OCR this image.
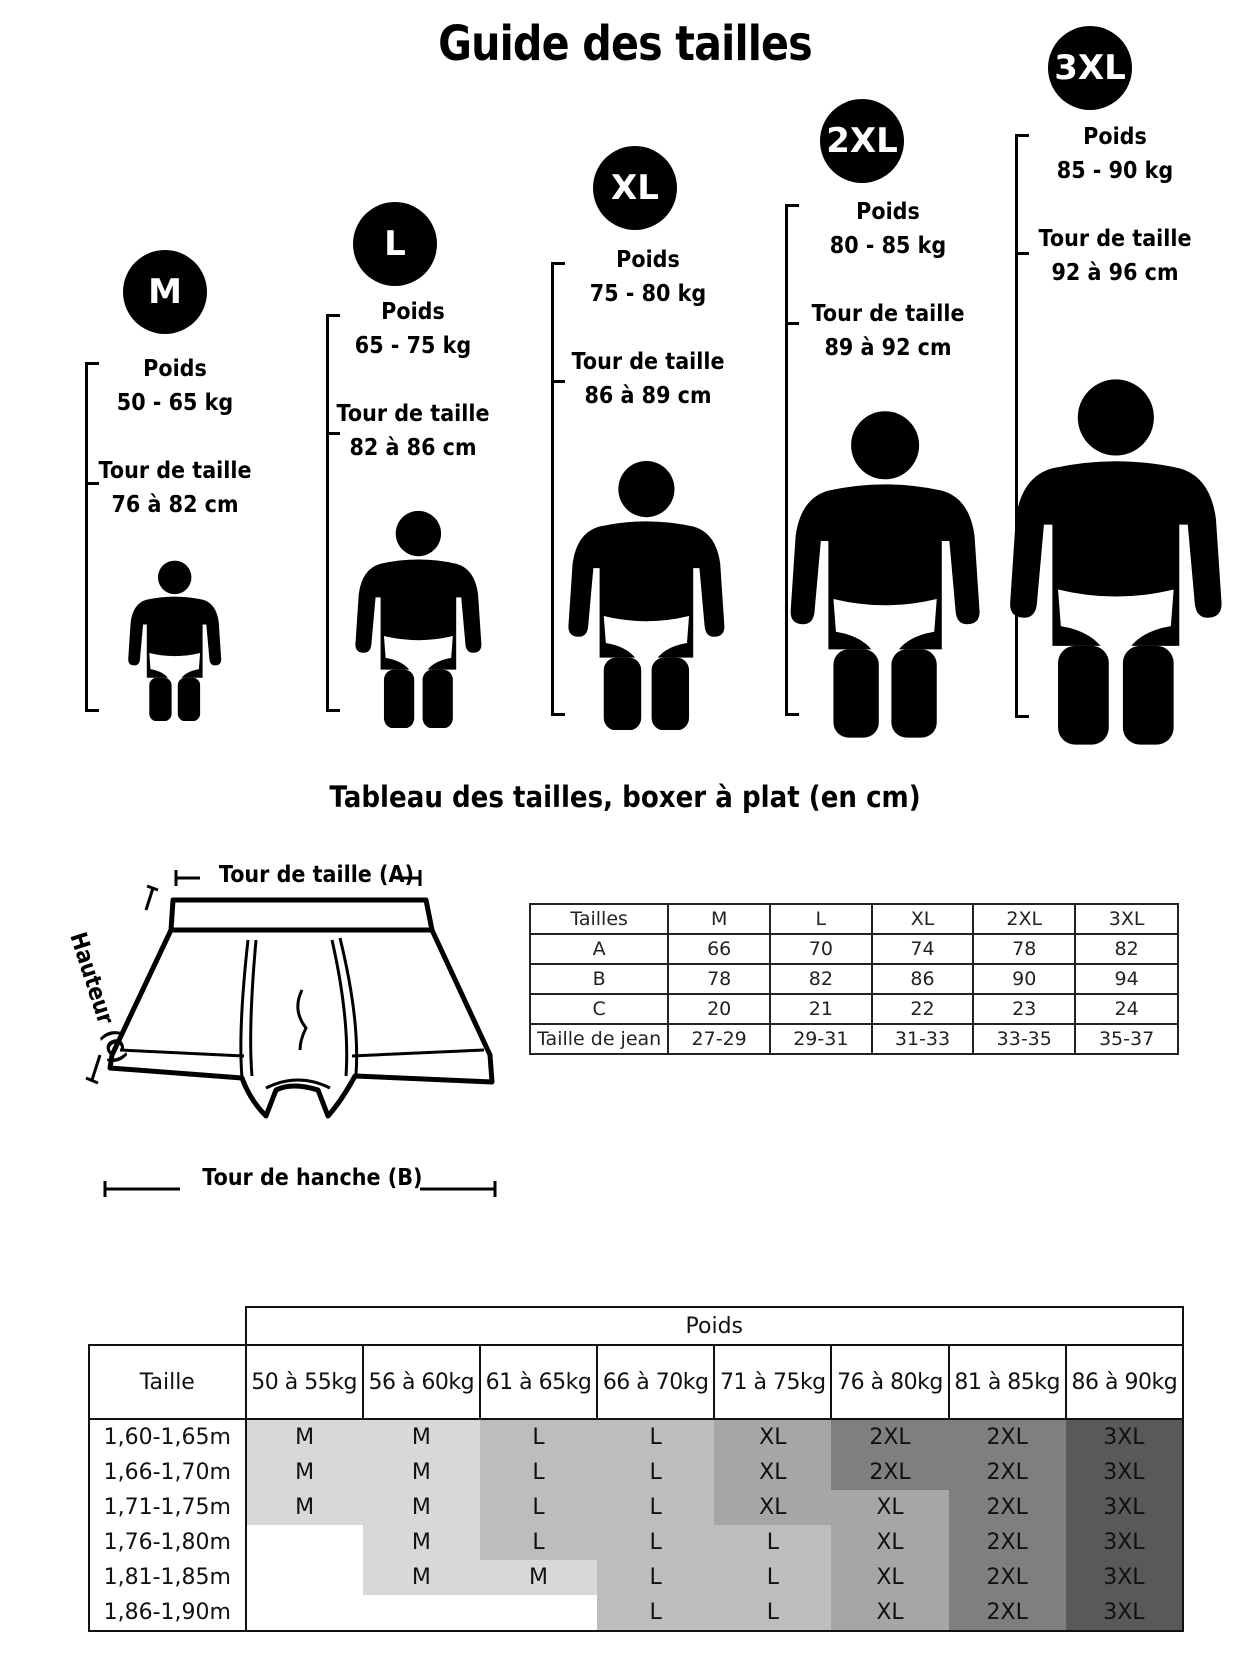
Guide des tailles
M
Poids
50 - 65 kg
Tour de taille
76 à 82 cm
L
Poids
65 - 75 kg
Tour de taille
82 à 86 cm
XL
Poids
75 - 80 kg
Tour de taille
86 à 89 cm
2XL
Poids
80 - 85 kg
Tour de taille
89 à 92 cm
3XL
Poids
85 - 90 kg
Tour de taille
92 à 96 cm
Tableau des tailles, boxer à plat (en cm)
Tour de taille (A)
Tour de hanche (B)
Hauteur (C)
Tailles	M	L	XL	2XL	3XL
A	66	70	74	78	82
B	78	82	86	90	94
C	20	21	22	23	24
Taille de jean	27-29	29-31	31-33	33-35	35-37
	Poids							
Taille	50 à 55kg	56 à 60kg	61 à 65kg	66 à 70kg	71 à 75kg	76 à 80kg	81 à 85kg	86 à 90kg
1,60-1,65m	M	M	L	L	XL	2XL	2XL	3XL
1,66-1,70m	M	M	L	L	XL	2XL	2XL	3XL
1,71-1,75m	M	M	L	L	XL	XL	2XL	3XL
1,76-1,80m		M	L	L	L	XL	2XL	3XL
1,81-1,85m		M	M	L	L	XL	2XL	3XL
1,86-1,90m				L	L	XL	2XL	3XL
